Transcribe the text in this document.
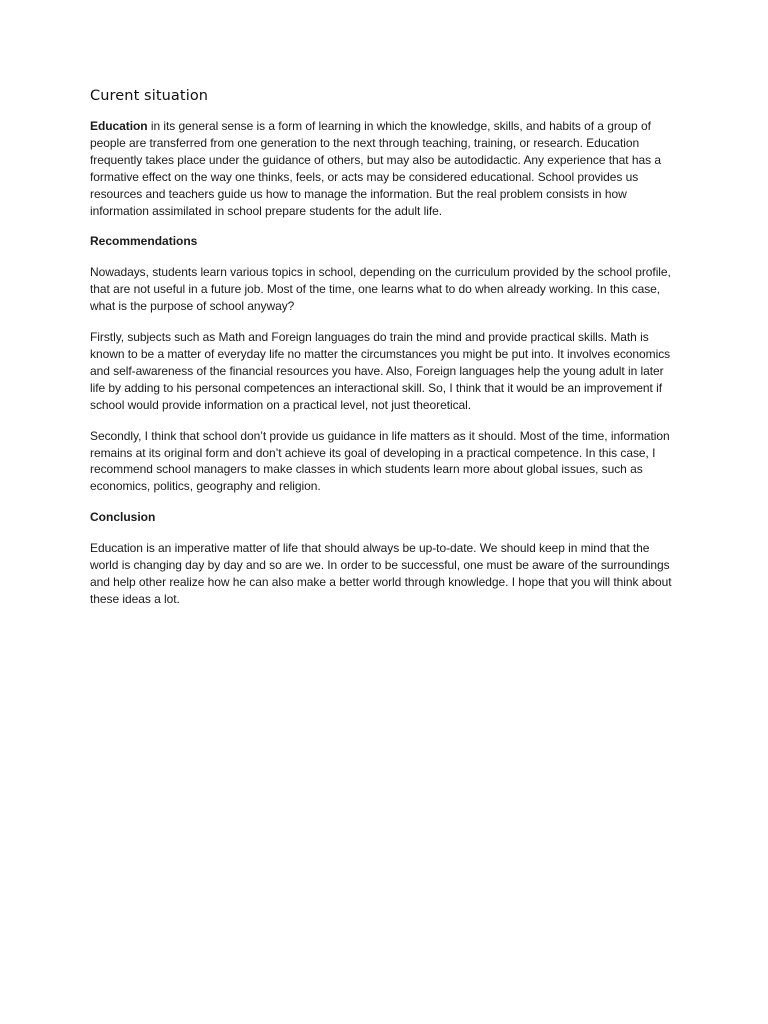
Curent situation

Education in its general sense is a form of learning in which the knowledge, skills, and habits of a group of people are transferred from one generation to the next through teaching, training, or research. Education frequently takes place under the guidance of others, but may also be autodidactic. Any experience that has a formative effect on the way one thinks, feels, or acts may be considered educational. School provides us resources and teachers guide us how to manage the information. But the real problem consists in how information assimilated in school prepare students for the adult life.

Recommendations

Nowadays, students learn various topics in school, depending on the curriculum provided by the school profile, that are not useful in a future job. Most of the time, one learns what to do when already working. In this case, what is the purpose of school anyway?

Firstly, subjects such as Math and Foreign languages do train the mind and provide practical skills. Math is known to be a matter of everyday life no matter the circumstances you might be put into. It involves economics and self-awareness of the financial resources you have. Also, Foreign languages help the young adult in later life by adding to his personal competences an interactional skill. So, I think that it would be an improvement if school would provide information on a practical level, not just theoretical.

Secondly, I think that school don’t provide us guidance in life matters as it should. Most of the time, information remains at its original form and don’t achieve its goal of developing in a practical competence. In this case, I recommend school managers to make classes in which students learn more about global issues, such as economics, politics, geography and religion.

Conclusion

Education is an imperative matter of life that should always be up-to-date. We should keep in mind that the world is changing day by day and so are we. In order to be successful, one must be aware of the surroundings and help other realize how he can also make a better world through knowledge. I hope that you will think about these ideas a lot.
